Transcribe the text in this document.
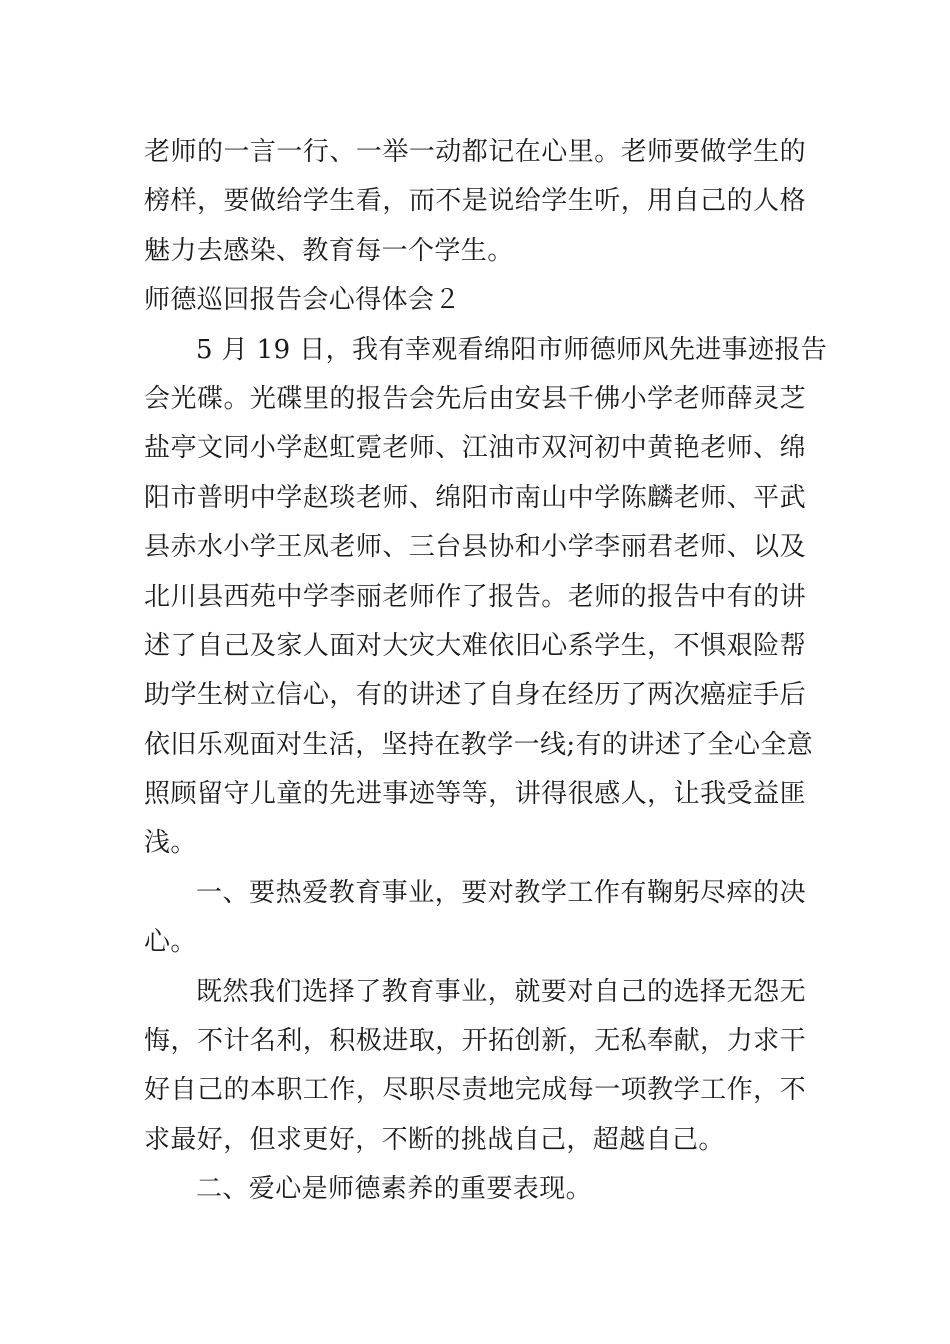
老师的一言一行、一举一动都记在心里。老师要做学生的
榜样，要做给学生看，而不是说给学生听，用自己的人格
魅力去感染、教育每一个学生。
师德巡回报告会心得体会２
5 月 19 日，我有幸观看绵阳市师德师风先进事迹报告
会光碟。光碟里的报告会先后由安县千佛小学老师薛灵芝
盐亭文同小学赵虹霓老师、江油市双河初中黄艳老师、绵
阳市普明中学赵琰老师、绵阳市南山中学陈麟老师、平武
县赤水小学王凤老师、三台县协和小学李丽君老师、以及
北川县西苑中学李丽老师作了报告。老师的报告中有的讲
述了自己及家人面对大灾大难依旧心系学生，不惧艰险帮
助学生树立信心，有的讲述了自身在经历了两次癌症手后
依旧乐观面对生活，坚持在教学一线;有的讲述了全心全意
照顾留守儿童的先进事迹等等，讲得很感人，让我受益匪
浅。
一、要热爱教育事业，要对教学工作有鞠躬尽瘁的决
心。
既然我们选择了教育事业，就要对自己的选择无怨无
悔，不计名利，积极进取，开拓创新，无私奉献，力求干
好自己的本职工作，尽职尽责地完成每一项教学工作，不
求最好，但求更好，不断的挑战自己，超越自己。
二、爱心是师德素养的重要表现。
